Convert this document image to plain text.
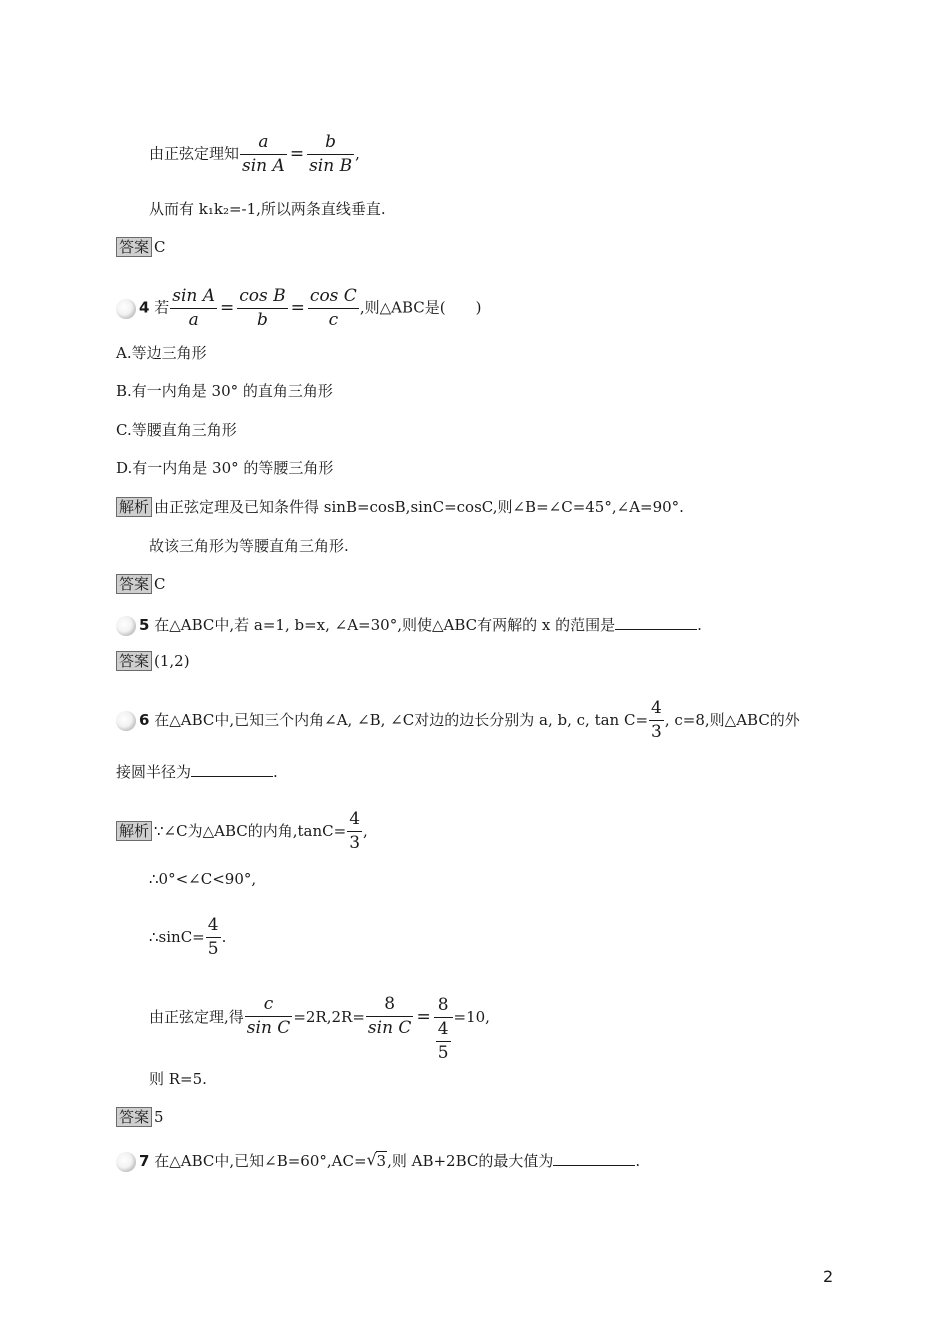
由正弦定理知 $\frac{a}{\text{sin A}} = \frac{b}{\text{sin B}}$ ,
从而有 k₁k₂=-1,所以两条直线垂直.
答案 C
4 若 $\frac{\text{sin A}}{a} = \frac{\text{cos B}}{b} = \frac{\text{cos C}}{c}$ ,则△ABC是(　　)
A.等边三角形
B.有一内角是 30° 的直角三角形
C.等腰直角三角形
D.有一内角是 30° 的等腰三角形
解析 由正弦定理及已知条件得 sinB=cosB,sinC=cosC,则∠B=∠C=45°,∠A=90°.
故该三角形为等腰直角三角形.
答案 C
5 在△ABC中,若 a=1, b=x, ∠A=30°,则使△ABC有两解的 x 的范围是	.
答案 (1,2)
6 在△ABC中,已知三个内角∠A, ∠B, ∠C对边的边长分别为 a, b, c, $\tan C= \frac{4}{3}$ , c=8,则△ABC的外
接圆半径为	.
解析 ∵∠C为△ABC的内角$,\tan C= \frac{4}{3}$ ,
∴0°<∠C<90°,
∴sinC= $\frac{4}{5}$ .
由正弦定理,得 $\frac{c}{\text{sin C}} =2R,2R= \frac{8}{\text{sin C}} = \frac{8}{\frac{4}{5}} =10$,
则 R=5.
答案 5
7 在△ABC中,已知∠B=60°,AC= √ 3,则 AB+2BC的最大值为	.
2
